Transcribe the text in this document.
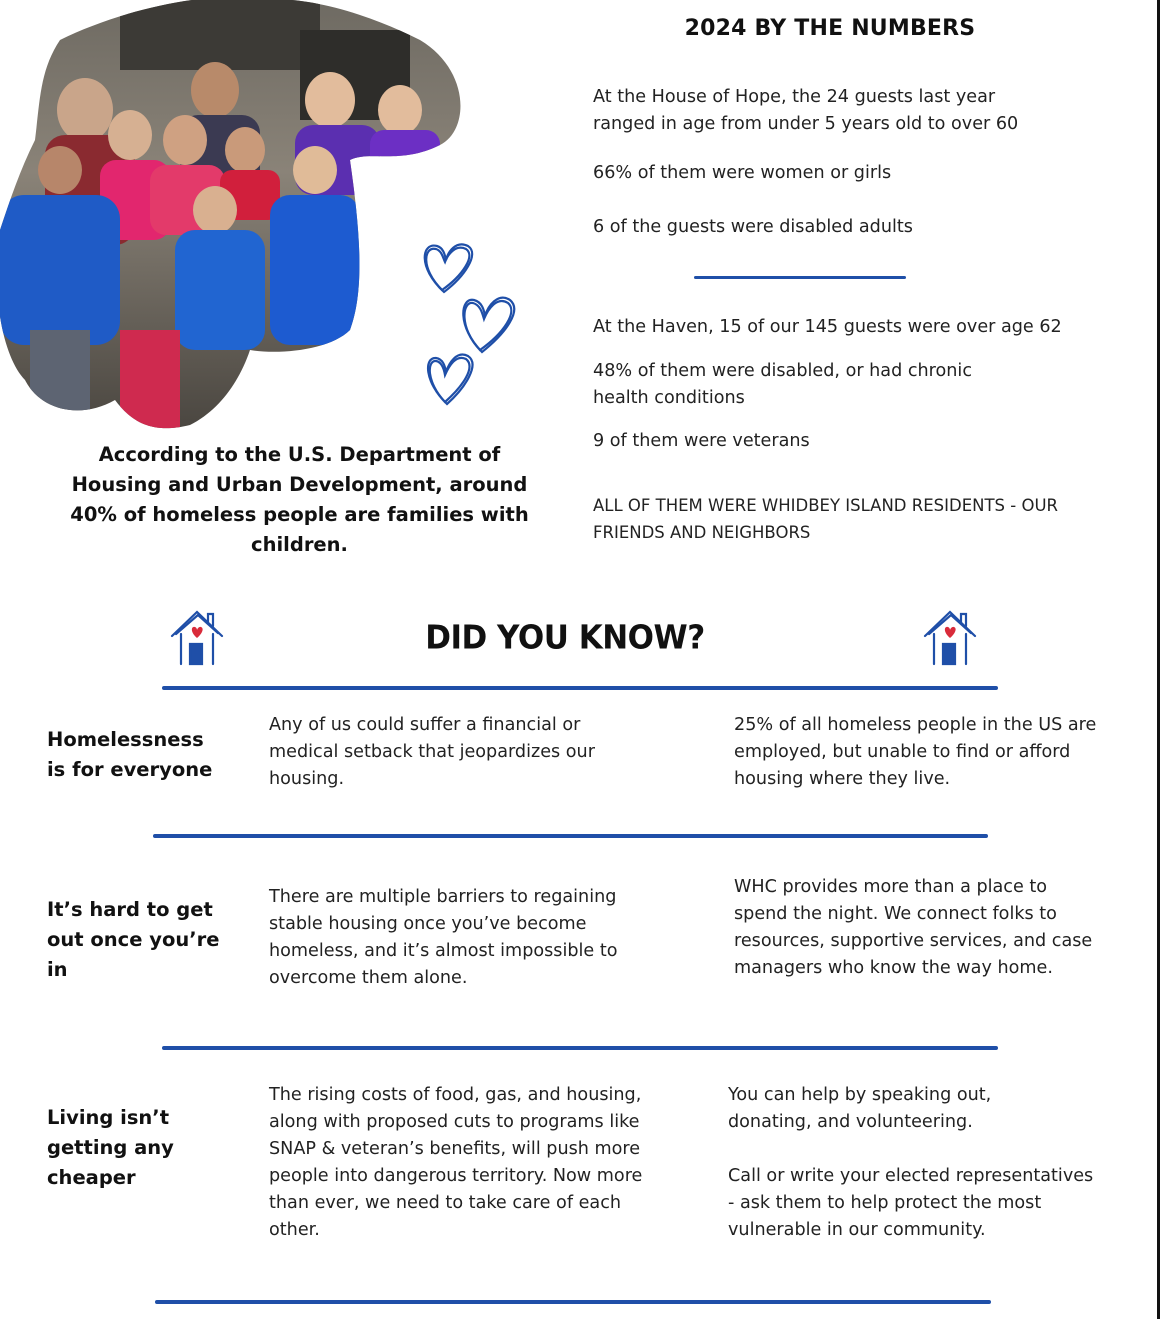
According to the U.S. Department of Housing and Urban Development, around 40% of homeless people are families with children.
2024 BY THE NUMBERS
At the House of Hope, the 24 guests last year ranged in age from under 5 years old to over 60
66% of them were women or girls
6 of the guests were disabled adults
At the Haven, 15 of our 145 guests were over age 62
48% of them were disabled, or had chronic health conditions
9 of them were veterans
ALL OF THEM WERE WHIDBEY ISLAND RESIDENTS - OUR FRIENDS AND NEIGHBORS
DID YOU KNOW?
Homelessness is for everyone
Any of us could suffer a financial or medical setback that jeopardizes our housing.
25% of all homeless people in the US are employed, but unable to find or afford housing where they live.
It’s hard to get out once you’re in
There are multiple barriers to regaining stable housing once you’ve become homeless, and it’s almost impossible to overcome them alone.
WHC provides more than a place to spend the night. We connect folks to resources, supportive services, and case managers who know the way home.
Living isn’t getting any cheaper
The rising costs of food, gas, and housing, along with proposed cuts to programs like SNAP & veteran’s benefits, will push more people into dangerous territory. Now more than ever, we need to take care of each other.
You can help by speaking out, donating, and volunteering.
Call or write your elected representatives - ask them to help protect the most vulnerable in our community.
